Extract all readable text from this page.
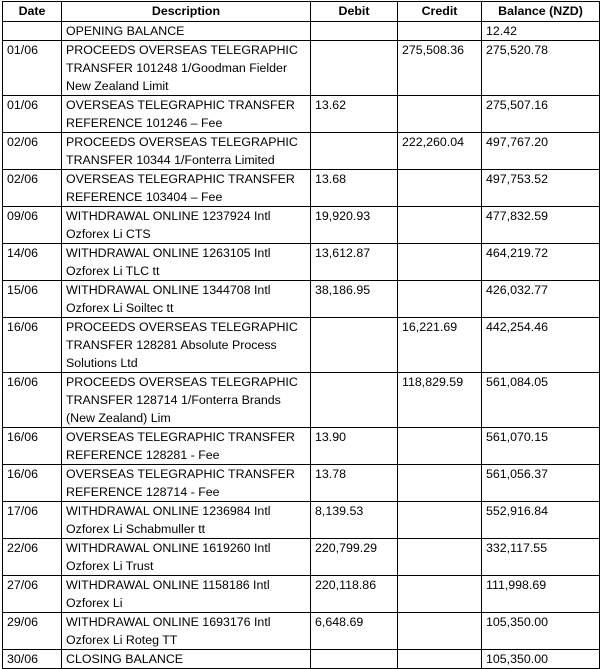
Date	Description	Debit	Credit	Balance (NZD)
	OPENING BALANCE			12.42
01/06	PROCEEDS OVERSEAS TELEGRAPHIC TRANSFER 101248 1/Goodman Fielder New Zealand Limit		275,508.36	275,520.78
01/06	OVERSEAS TELEGRAPHIC TRANSFER REFERENCE 101246 – Fee	13.62		275,507.16
02/06	PROCEEDS OVERSEAS TELEGRAPHIC TRANSFER 10344 1/Fonterra Limited		222,260.04	497,767.20
02/06	OVERSEAS TELEGRAPHIC TRANSFER REFERENCE 103404 – Fee	13.68		497,753.52
09/06	WITHDRAWAL ONLINE 1237924 Intl Ozforex Li CTS	19,920.93		477,832.59
14/06	WITHDRAWAL ONLINE 1263105 Intl Ozforex Li TLC tt	13,612.87		464,219.72
15/06	WITHDRAWAL ONLINE 1344708 Intl Ozforex Li Soiltec tt	38,186.95		426,032.77
16/06	PROCEEDS OVERSEAS TELEGRAPHIC TRANSFER 128281 Absolute Process Solutions Ltd		16,221.69	442,254.46
16/06	PROCEEDS OVERSEAS TELEGRAPHIC TRANSFER 128714 1/Fonterra Brands (New Zealand) Lim		118,829.59	561,084.05
16/06	OVERSEAS TELEGRAPHIC TRANSFER REFERENCE 128281 - Fee	13.90		561,070.15
16/06	OVERSEAS TELEGRAPHIC TRANSFER REFERENCE 128714 - Fee	13.78		561,056.37
17/06	WITHDRAWAL ONLINE 1236984 Intl Ozforex Li Schabmuller tt	8,139.53		552,916.84
22/06	WITHDRAWAL ONLINE 1619260 Intl Ozforex Li Trust	220,799.29		332,117.55
27/06	WITHDRAWAL ONLINE 1158186 Intl Ozforex Li	220,118.86		111,998.69
29/06	WITHDRAWAL ONLINE 1693176 Intl Ozforex Li Roteg TT	6,648.69		105,350.00
30/06	CLOSING BALANCE			105,350.00
